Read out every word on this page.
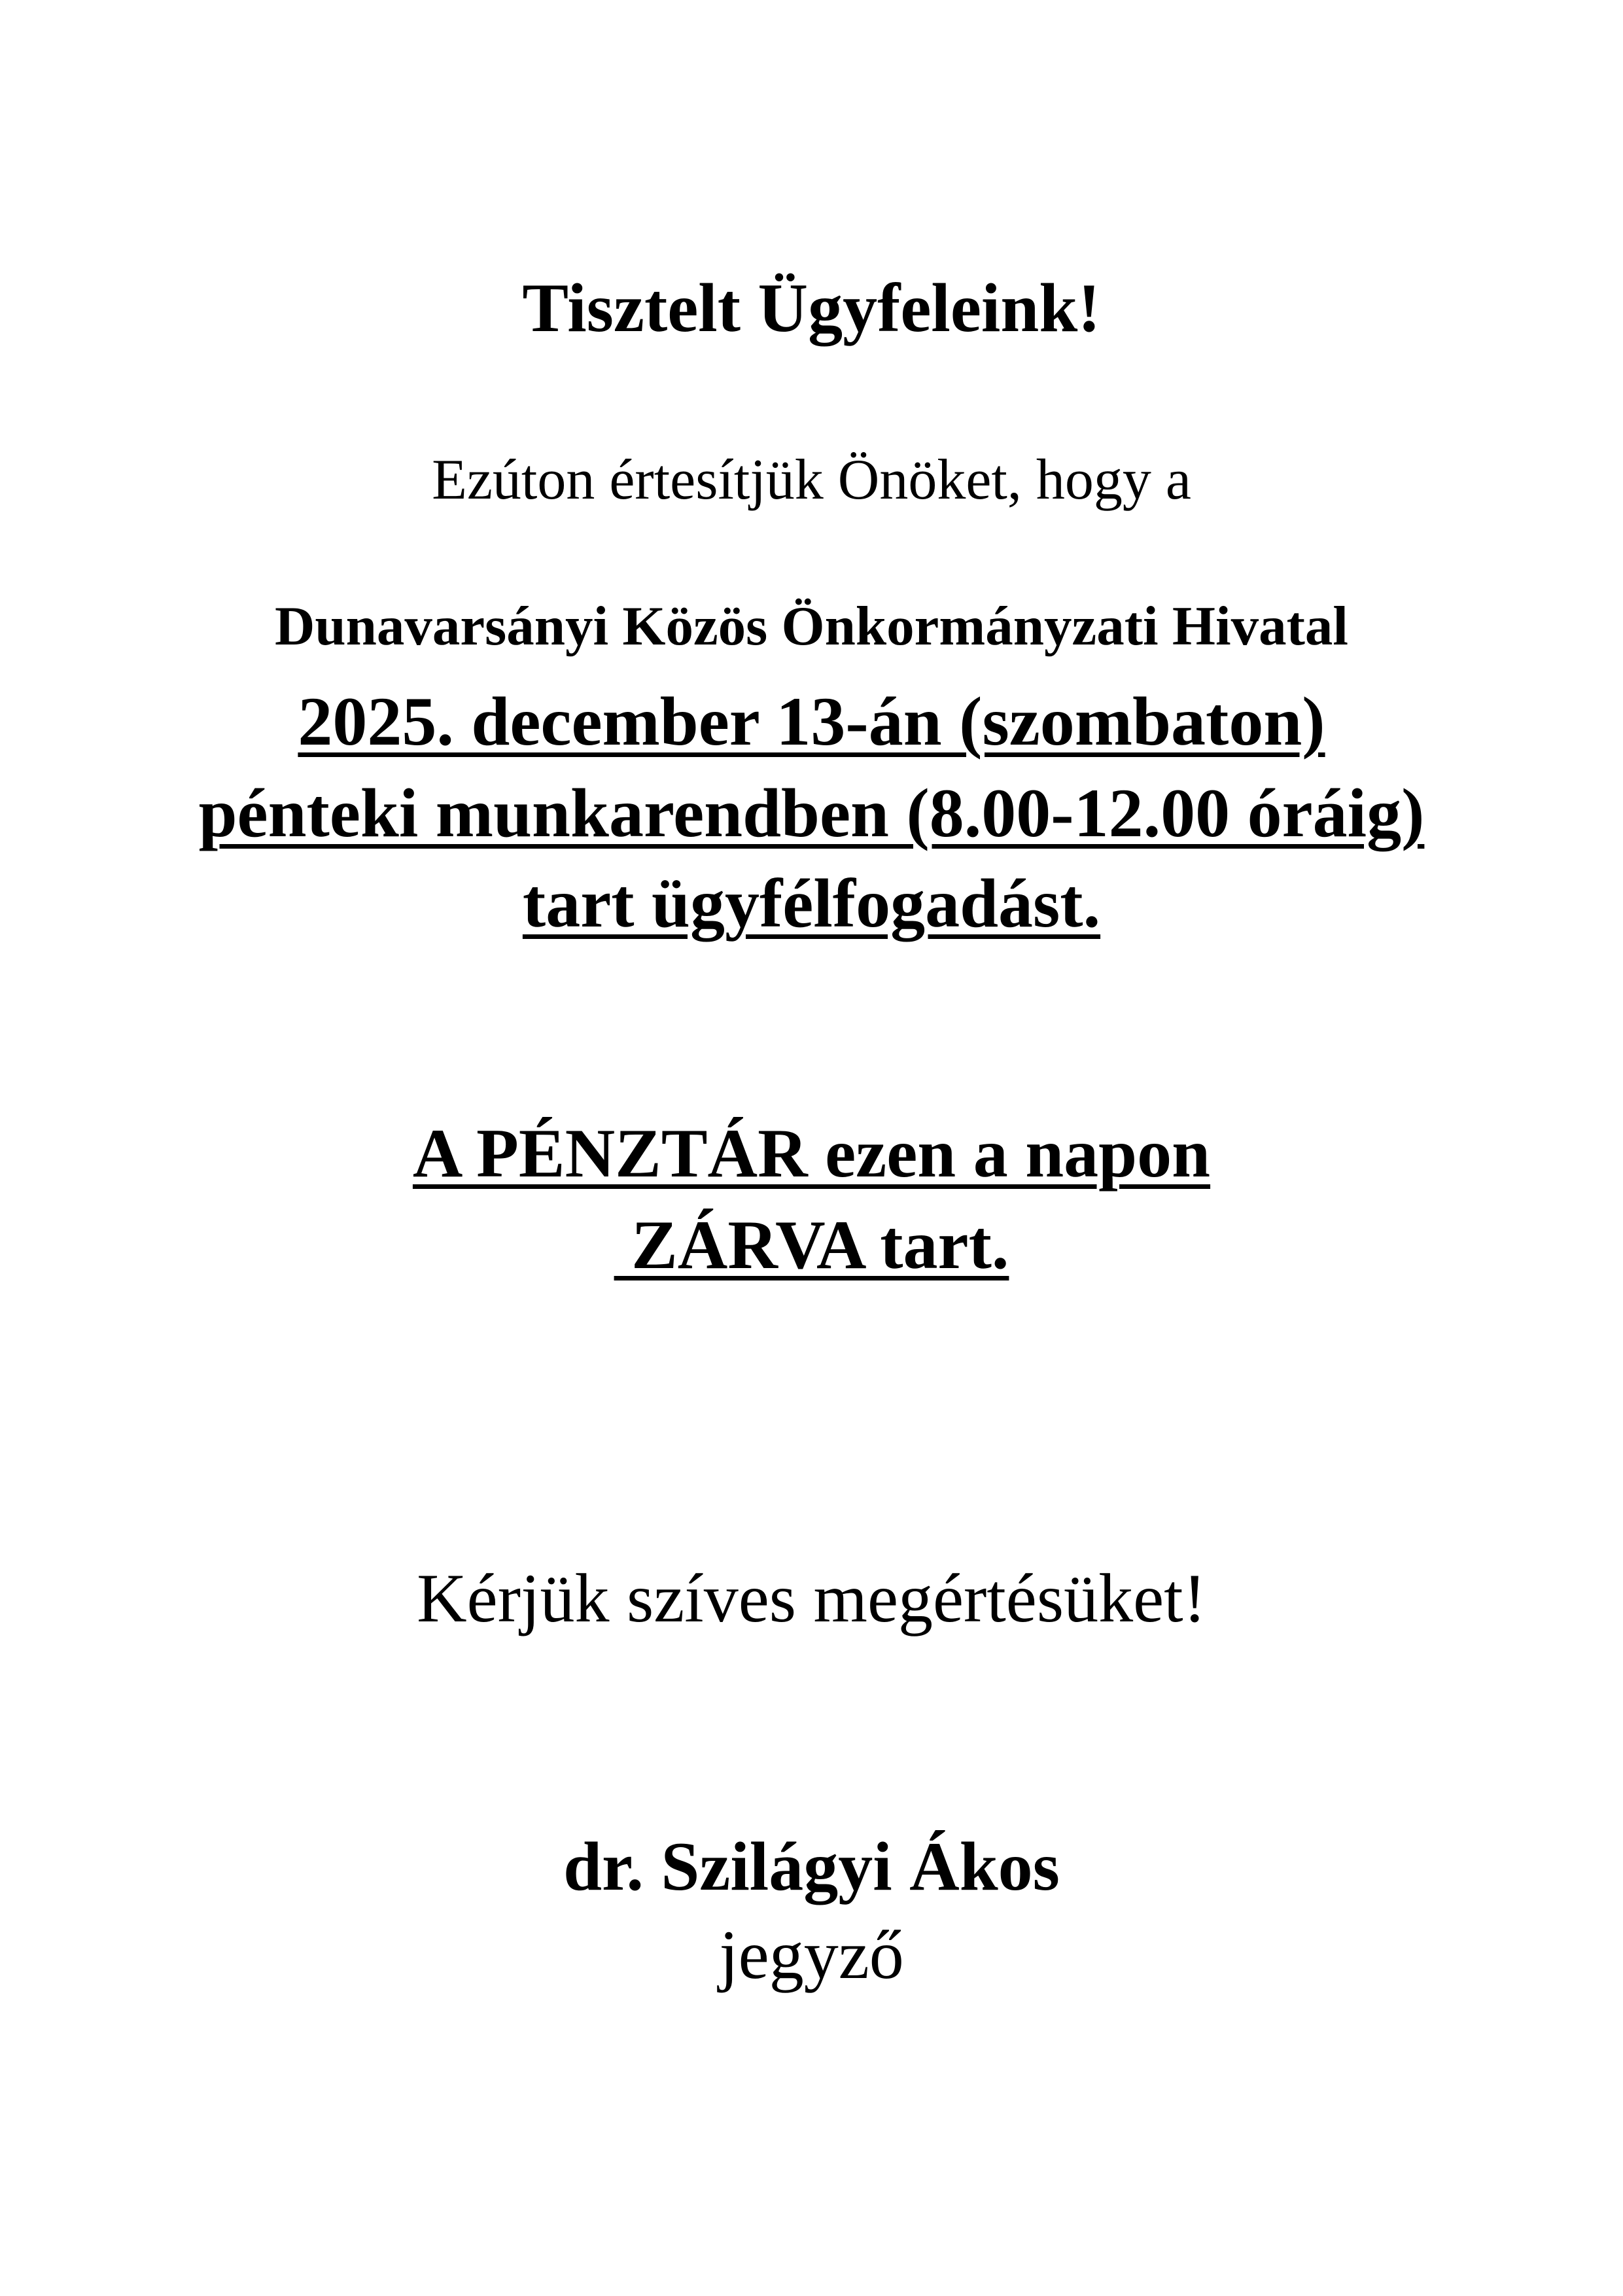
Tisztelt Ügyfeleink!
Ezúton értesítjük Önöket, hogy a
Dunavarsányi Közös Önkormányzati Hivatal
2025. december 13-án (szombaton)
pénteki munkarendben (8.00-12.00 óráig)
tart ügyfélfogadást.
A PÉNZTÁR ezen a napon
ZÁRVA tart.
Kérjük szíves megértésüket!
dr. Szilágyi Ákos
jegyző
